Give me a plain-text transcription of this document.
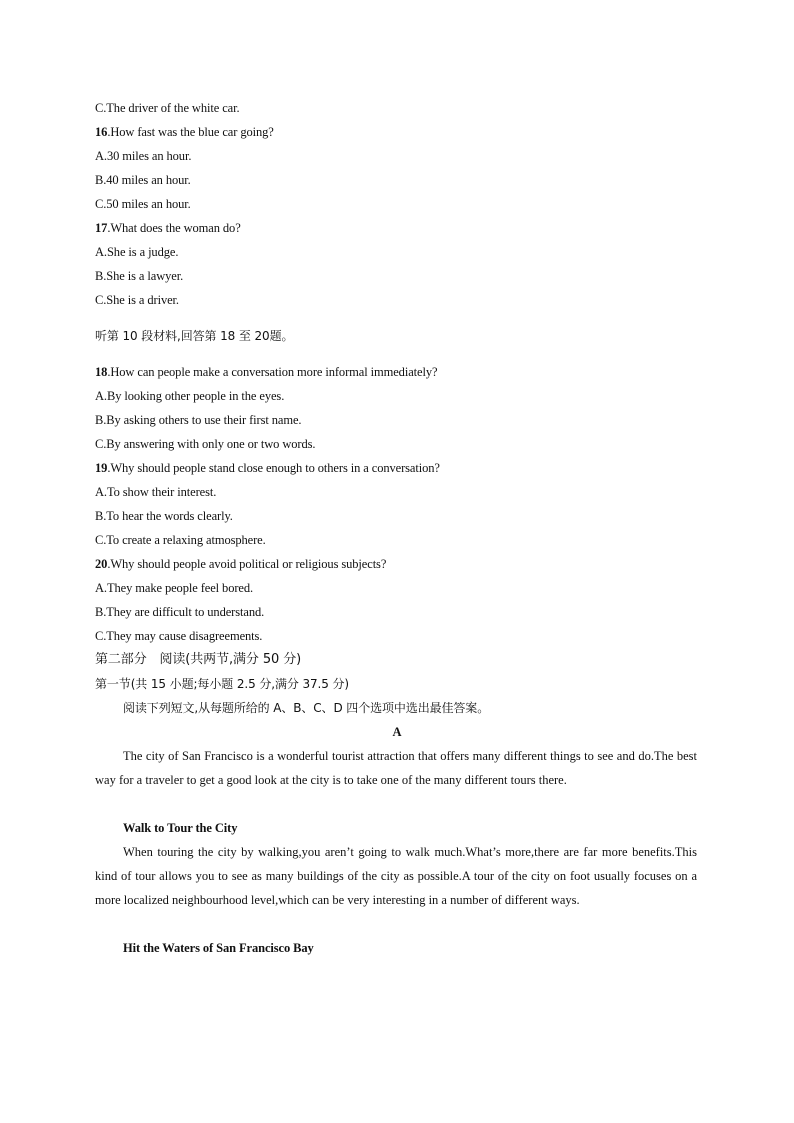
C.The driver of the white car.
16.How fast was the blue car going?
A.30 miles an hour.
B.40 miles an hour.
C.50 miles an hour.
17.What does the woman do?
A.She is a judge.
B.She is a lawyer.
C.She is a driver.
听第 10 段材料,回答第 18 至 20题。
18.How can people make a conversation more informal immediately?
A.By looking other people in the eyes.
B.By asking others to use their first name.
C.By answering with only one or two words.
19.Why should people stand close enough to others in a conversation?
A.To show their interest.
B.To hear the words clearly.
C.To create a relaxing atmosphere.
20.Why should people avoid political or religious subjects?
A.They make people feel bored.
B.They are difficult to understand.
C.They may cause disagreements.
第二部分　阅读(共两节,满分 50 分)
第一节(共 15 小题;每小题 2.5 分,满分 37.5 分)
阅读下列短文,从每题所给的 A、B、C、D 四个选项中选出最佳答案。
A
The city of San Francisco is a wonderful tourist attraction that offers many different things to see and do.The best way for a traveler to get a good look at the city is to take one of the many different tours there.
Walk to Tour the City
When touring the city by walking,you aren’t going to walk much.What’s more,there are far more benefits.This kind of tour allows you to see as many buildings of the city as possible.A tour of the city on foot usually focuses on a more localized neighbourhood level,which can be very interesting in a number of different ways.
Hit the Waters of San Francisco Bay
